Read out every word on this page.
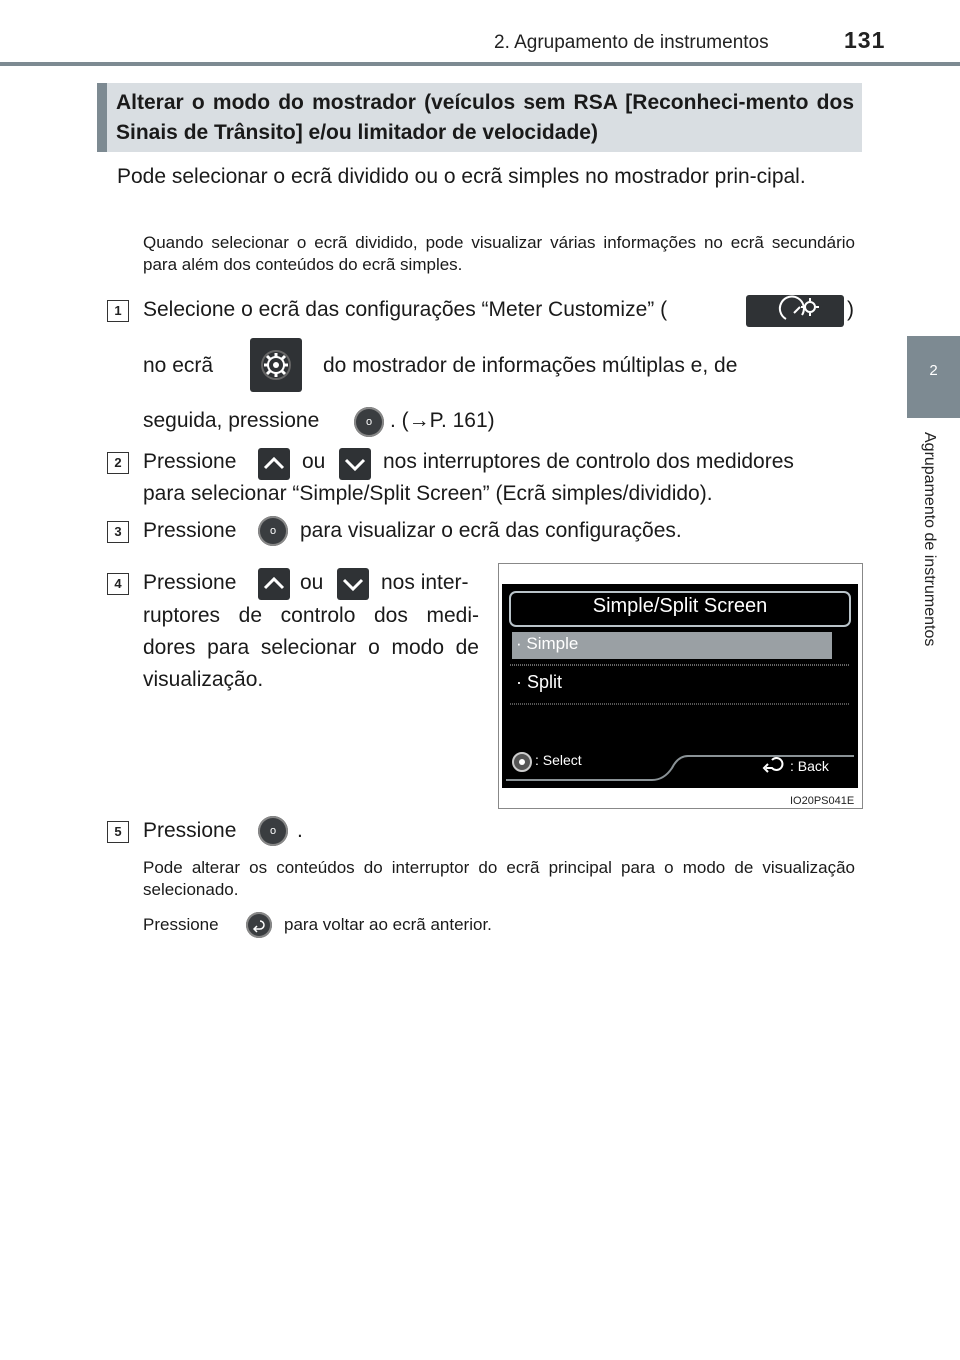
2. Agrupamento de instrumentos	131
2
Agrupamento de instrumentos
Alterar o modo do mostrador (veículos sem RSA [Reconheci-mento dos Sinais de Trânsito] e/ou limitador de velocidade)
Pode selecionar o ecrã dividido ou o ecrã simples no mostrador prin-cipal.
Quando selecionar o ecrã dividido, pode visualizar várias informações no ecrã secundário para além dos conteúdos do ecrã simples.
1	Selecione o ecrã das configurações “Meter Customize” (	)
no ecrã	do mostrador de informações múltiplas e, de
seguida, pressione	o . (→P. 161)
2	Pressione	ou	nos interruptores de controlo dos medidores
para selecionar “Simple/Split Screen” (Ecrã simples/dividido).
3	Pressione	o	para visualizar o ecrã das configurações.
4	Pressione	ou	nos inter-
ruptores de controlo dos medi-dores para selecionar o modo de visualização.
Simple/Split Screen
· Simple
· Split
: Select	: Back
IO20PS041E
5	Pressione	o .
Pode alterar os conteúdos do interruptor do ecrã principal para o modo de visualização selecionado.
Pressione	para voltar ao ecrã anterior.
